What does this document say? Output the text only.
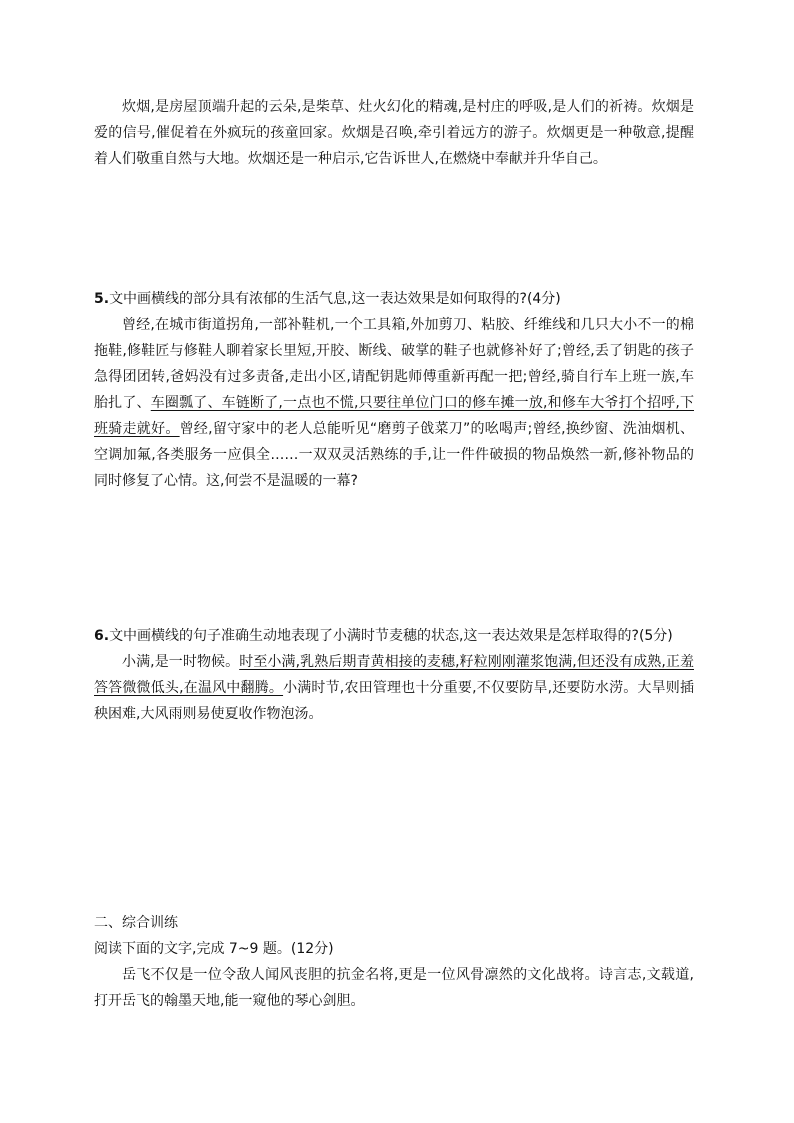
炊烟,是房屋顶端升起的云朵,是柴草、灶火幻化的精魂,是村庄的呼吸,是人们的祈祷。炊烟是爱的信号,催促着在外疯玩的孩童回家。炊烟是召唤,牵引着远方的游子。炊烟更是一种敬意,提醒着人们敬重自然与大地。炊烟还是一种启示,它告诉世人,在燃烧中奉献并升华自己。

5.文中画横线的部分具有浓郁的生活气息,这一表达效果是如何取得的?(4分)

曾经,在城市街道拐角,一部补鞋机,一个工具箱,外加剪刀、粘胶、纤维线和几只大小不一的棉拖鞋,修鞋匠与修鞋人聊着家长里短,开胶、断线、破掌的鞋子也就修补好了;曾经,丢了钥匙的孩子急得团团转,爸妈没有过多责备,走出小区,请配钥匙师傅重新再配一把;曾经,骑自行车上班一族,车胎扎了、车圈瓢了、车链断了,一点也不慌,只要往单位门口的修车摊一放,和修车大爷打个招呼,下班骑走就好。曾经,留守家中的老人总能听见“磨剪子戗菜刀”的吆喝声;曾经,换纱窗、洗油烟机、空调加氟,各类服务一应俱全……一双双灵活熟练的手,让一件件破损的物品焕然一新,修补物品的同时修复了心情。这,何尝不是温暖的一幕?

6.文中画横线的句子准确生动地表现了小满时节麦穗的状态,这一表达效果是怎样取得的?(5分)

小满,是一时物候。时至小满,乳熟后期青黄相接的麦穗,籽粒刚刚灌浆饱满,但还没有成熟,正羞答答微微低头,在温风中翻腾。小满时节,农田管理也十分重要,不仅要防旱,还要防水涝。大旱则插秧困难,大风雨则易使夏收作物泡汤。

二、综合训练

阅读下面的文字,完成 7~9 题。(12分)

岳飞不仅是一位令敌人闻风丧胆的抗金名将,更是一位风骨凛然的文化战将。诗言志,文载道,打开岳飞的翰墨天地,能一窥他的琴心剑胆。
